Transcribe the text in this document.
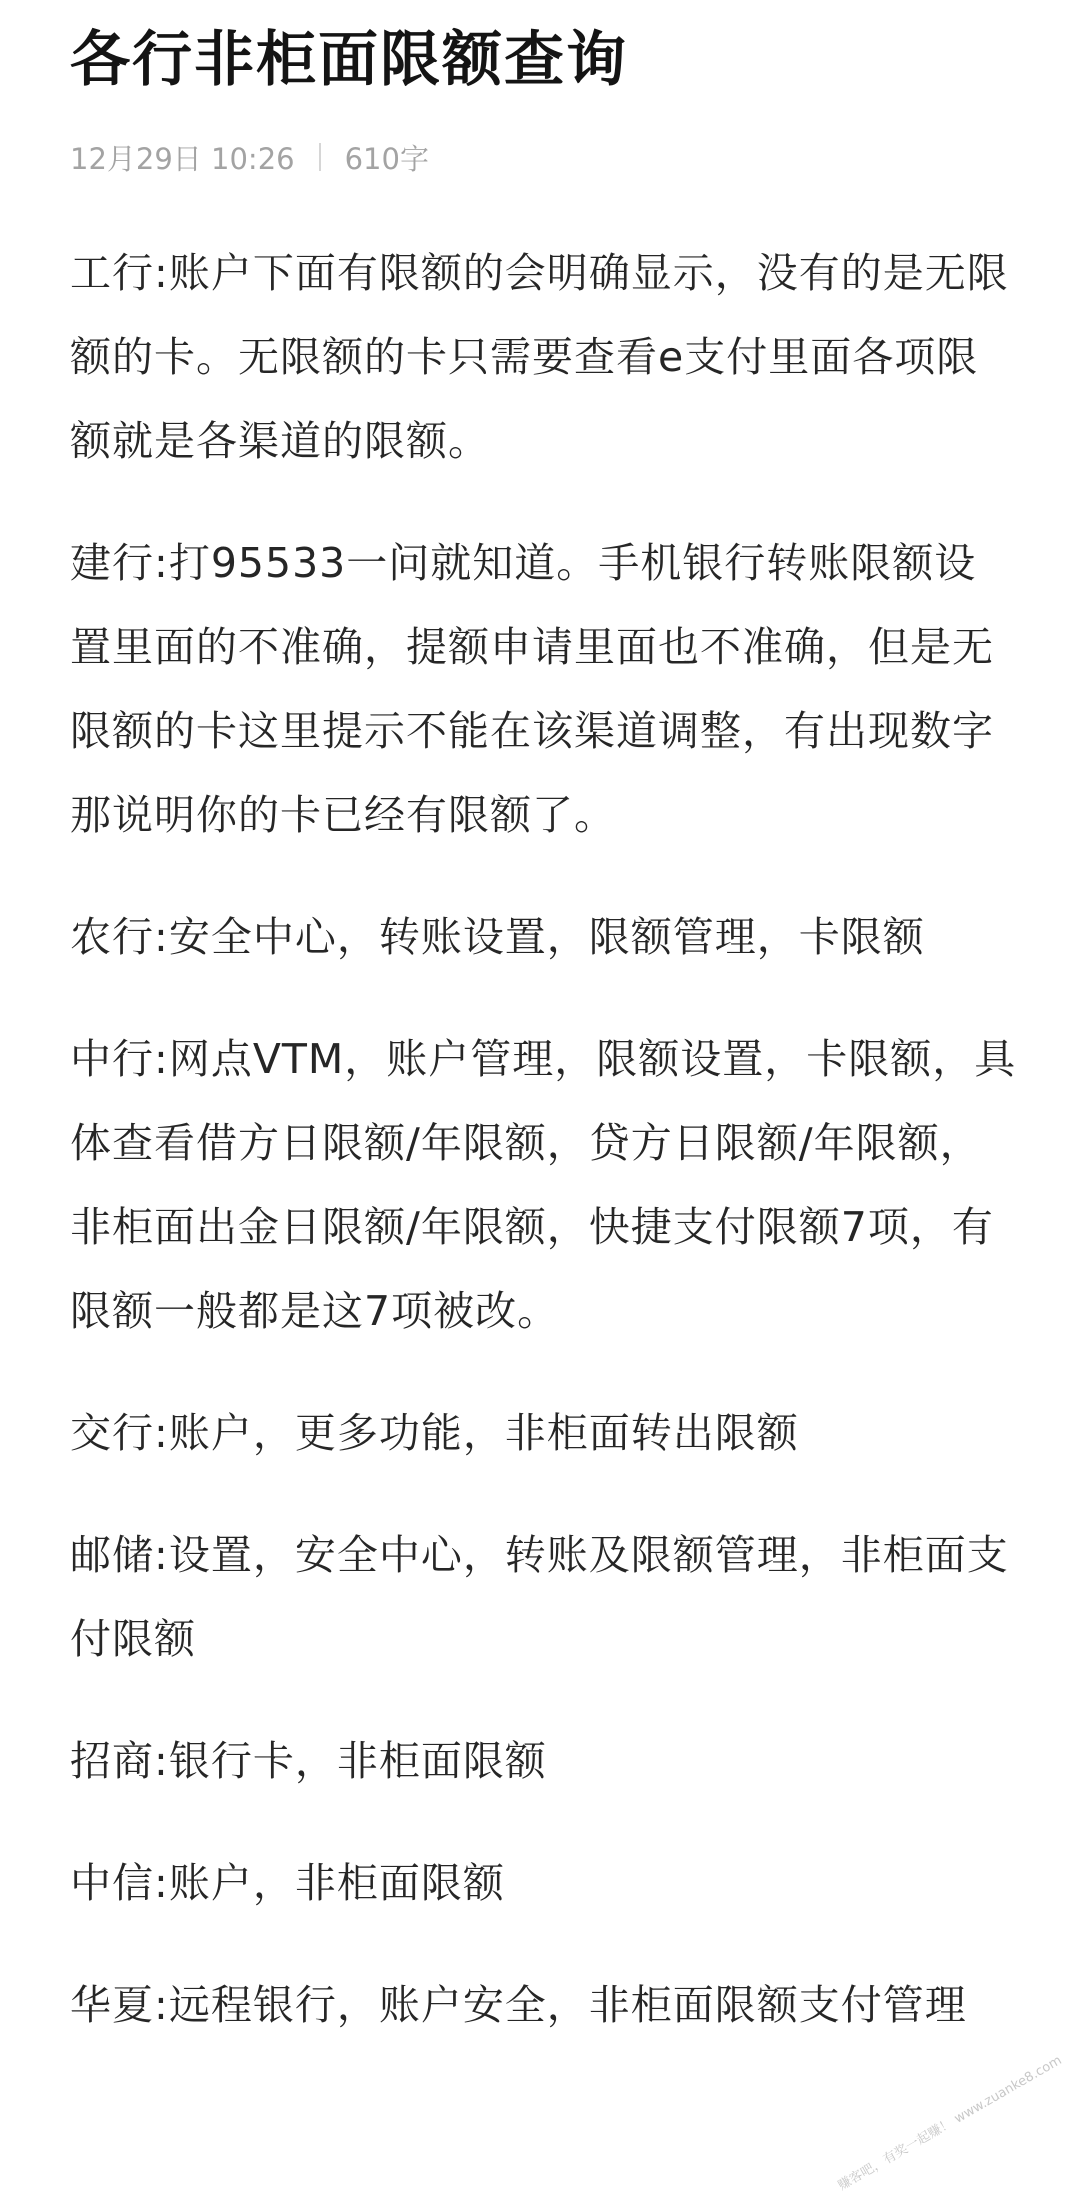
各行非柜面限额查询
12月29日 10:26 610字

工行:账户下面有限额的会明确显示，没有的是无限额的卡。无限额的卡只需要查看e支付里面各项限额就是各渠道的限额。

建行:打95533一问就知道。手机银行转账限额设置里面的不准确，提额申请里面也不准确，但是无限额的卡这里提示不能在该渠道调整，有出现数字那说明你的卡已经有限额了。

农行:安全中心，转账设置，限额管理，卡限额

中行:网点VTM，账户管理，限额设置，卡限额，具体查看借方日限额/年限额，贷方日限额/年限额，非柜面出金日限额/年限额，快捷支付限额7项，有限额一般都是这7项被改。

交行:账户，更多功能，非柜面转出限额

邮储:设置，安全中心，转账及限额管理，非柜面支付限额

招商:银行卡，非柜面限额

中信:账户，非柜面限额

华夏:远程银行，账户安全，非柜面限额支付管理

赚客吧，有奖一起赚！ www.zuanke8.com
